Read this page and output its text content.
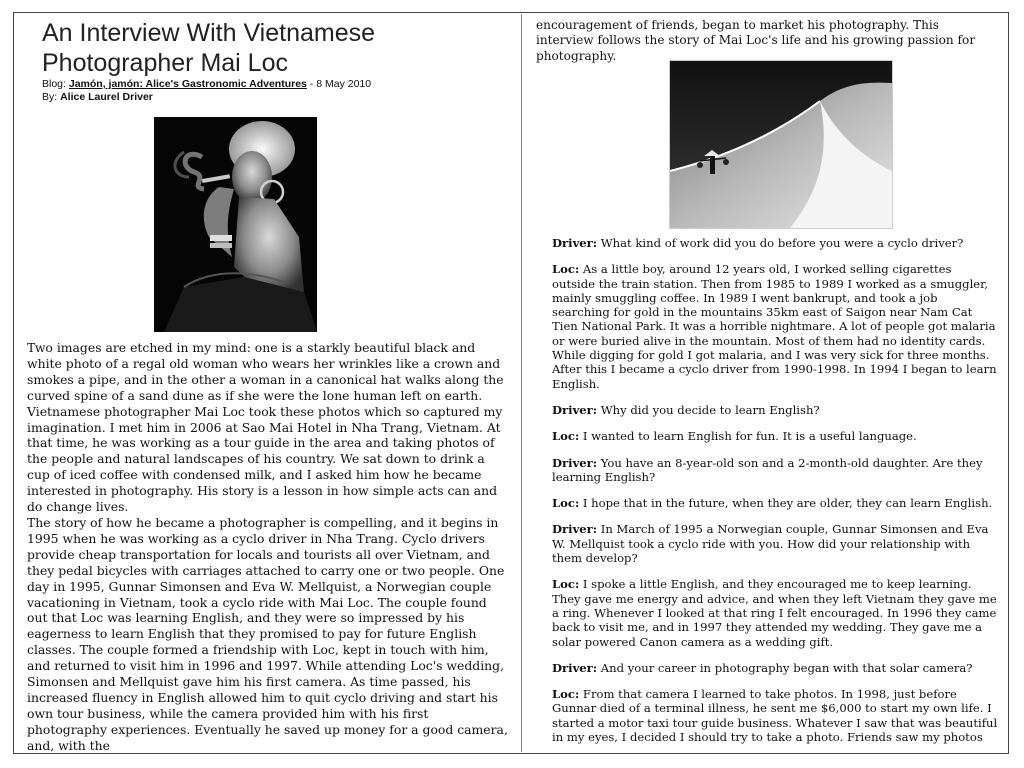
An Interview With Vietnamese
Photographer Mai Loc
Blog: Jamón, jamón: Alice's Gastronomic Adventures - 8 May 2010
By: Alice Laurel Driver

Two images are etched in my mind: one is a starkly beautiful black and white photo of a regal old woman who wears her wrinkles like a crown and smokes a pipe, and in the other a woman in a canonical hat walks along the curved spine of a sand dune as if she were the lone human left on earth. Vietnamese photographer Mai Loc took these photos which so captured my imagination. I met him in 2006 at Sao Mai Hotel in Nha Trang, Vietnam. At that time, he was working as a tour guide in the area and taking photos of the people and natural landscapes of his country. We sat down to drink a cup of iced coffee with condensed milk, and I asked him how he became interested in photography. His story is a lesson in how simple acts can and do change lives.

The story of how he became a photographer is compelling, and it begins in 1995 when he was working as a cyclo driver in Nha Trang. Cyclo drivers provide cheap transportation for locals and tourists all over Vietnam, and they pedal bicycles with carriages attached to carry one or two people. One day in 1995, Gunnar Simonsen and Eva W. Mellquist, a Norwegian couple vacationing in Vietnam, took a cyclo ride with Mai Loc. The couple found out that Loc was learning English, and they were so impressed by his eagerness to learn English that they promised to pay for future English classes. The couple formed a friendship with Loc, kept in touch with him, and returned to visit him in 1996 and 1997. While attending Loc's wedding, Simonsen and Mellquist gave him his first camera. As time passed, his increased fluency in English allowed him to quit cyclo driving and start his own tour business, while the camera provided him with his first photography experiences. Eventually he saved up money for a good camera, and, with the

encouragement of friends, began to market his photography. This interview follows the story of Mai Loc's life and his growing passion for photography.

Driver: What kind of work did you do before you were a cyclo driver?

Loc: As a little boy, around 12 years old, I worked selling cigarettes outside the train station. Then from 1985 to 1989 I worked as a smuggler, mainly smuggling coffee. In 1989 I went bankrupt, and took a job searching for gold in the mountains 35km east of Saigon near Nam Cat Tien National Park. It was a horrible nightmare. A lot of people got malaria or were buried alive in the mountain. Most of them had no identity cards. While digging for gold I got malaria, and I was very sick for three months. After this I became a cyclo driver from 1990-1998. In 1994 I began to learn English.

Driver: Why did you decide to learn English?

Loc: I wanted to learn English for fun. It is a useful language.

Driver: You have an 8-year-old son and a 2-month-old daughter. Are they learning English?

Loc: I hope that in the future, when they are older, they can learn English.

Driver: In March of 1995 a Norwegian couple, Gunnar Simonsen and Eva W. Mellquist took a cyclo ride with you. How did your relationship with them develop?

Loc: I spoke a little English, and they encouraged me to keep learning. They gave me energy and advice, and when they left Vietnam they gave me a ring. Whenever I looked at that ring I felt encouraged. In 1996 they came back to visit me, and in 1997 they attended my wedding. They gave me a solar powered Canon camera as a wedding gift.

Driver: And your career in photography began with that solar camera?

Loc: From that camera I learned to take photos. In 1998, just before Gunnar died of a terminal illness, he sent me $6,000 to start my own life. I started a motor taxi tour guide business. Whatever I saw that was beautiful in my eyes, I decided I should try to take a photo. Friends saw my photos
